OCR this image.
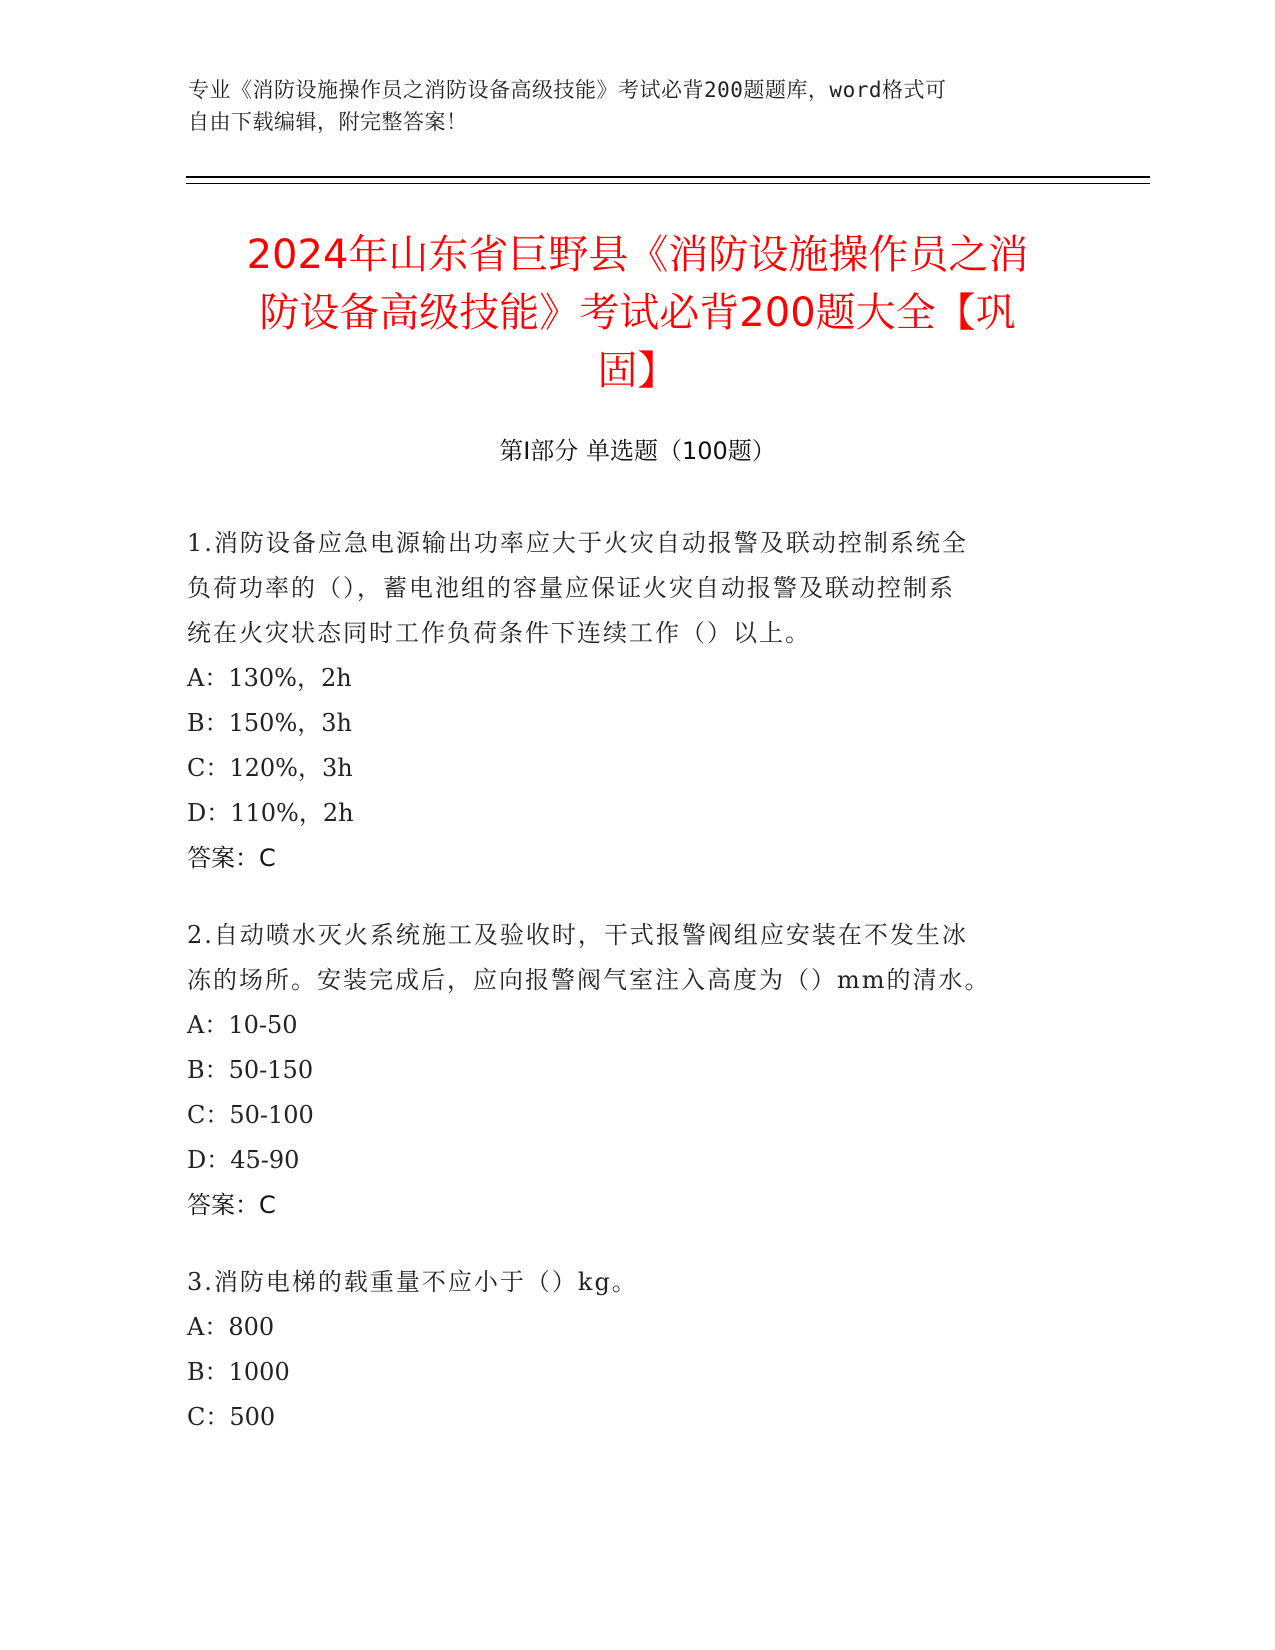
专业《消防设施操作员之消防设备高级技能》考试必背200题题库，word格式可
自由下载编辑，附完整答案！
2024年山东省巨野县《消防设施操作员之消
防设备高级技能》考试必背200题大全【巩
固】
第I部分 单选题（100题）

1.消防设备应急电源输出功率应大于火灾自动报警及联动控制系统全

负荷功率的（），蓄电池组的容量应保证火灾自动报警及联动控制系

统在火灾状态同时工作负荷条件下连续工作（）以上。

A：130%，2h

B：150%，3h

C：120%，3h

D：110%，2h

答案：C

2.自动喷水灭火系统施工及验收时，干式报警阀组应安装在不发生冰

冻的场所。安装完成后，应向报警阀气室注入高度为（）mm的清水。

A：10-50

B：50-150

C：50-100

D：45-90

答案：C

3.消防电梯的载重量不应小于（）kg。

A：800

B：1000

C：500
